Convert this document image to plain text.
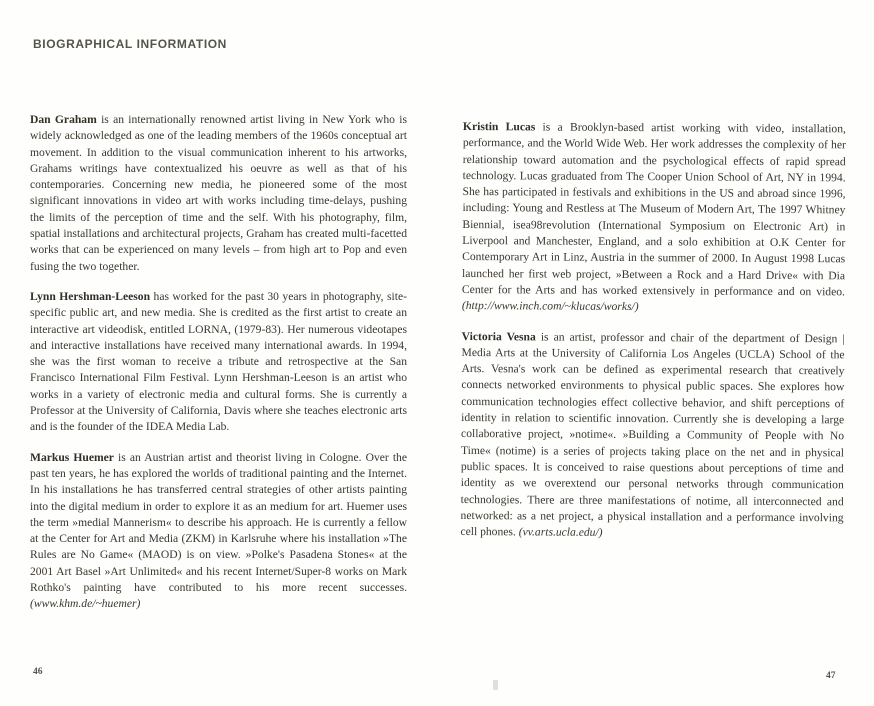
BIOGRAPHICAL INFORMATION

Dan Graham is an internationally renowned artist living in New York who is widely acknowledged as one of the leading members of the 1960s conceptual art movement. In addition to the visual communication inherent to his artworks, Grahams writings have contextualized his oeuvre as well as that of his contemporaries. Concerning new media, he pioneered some of the most significant innovations in video art with works including time-delays, pushing the limits of the perception of time and the self. With his photography, film, spatial installations and architectural projects, Graham has created multi-facetted works that can be experienced on many levels – from high art to Pop and even fusing the two together.

Lynn Hershman-Leeson has worked for the past 30 years in photography, site-specific public art, and new media. She is credited as the first artist to create an interactive art videodisk, entitled LORNA, (1979-83). Her numerous videotapes and interactive installations have received many international awards. In 1994, she was the first woman to receive a tribute and retrospective at the San Francisco International Film Festival. Lynn Hershman-Leeson is an artist who works in a variety of electronic media and cultural forms. She is currently a Professor at the University of California, Davis where she teaches electronic arts and is the founder of the IDEA Media Lab.

Markus Huemer is an Austrian artist and theorist living in Cologne. Over the past ten years, he has explored the worlds of traditional painting and the Internet. In his installations he has transferred central strategies of other artists painting into the digital medium in order to explore it as an medium for art. Huemer uses the term »medial Mannerism« to describe his approach. He is currently a fellow at the Center for Art and Media (ZKM) in Karlsruhe where his installation »The Rules are No Game« (MAOD) is on view. »Polke's Pasadena Stones« at the 2001 Art Basel »Art Unlimited« and his recent Internet/Super-8 works on Mark Rothko's painting have contributed to his more recent successes. (www.khm.de/~huemer)

Kristin Lucas is a Brooklyn-based artist working with video, installation, performance, and the World Wide Web. Her work addresses the complexity of her relationship toward automation and the psychological effects of rapid spread technology. Lucas graduated from The Cooper Union School of Art, NY in 1994. She has participated in festivals and exhibitions in the US and abroad since 1996, including: Young and Restless at The Museum of Modern Art, The 1997 Whitney Biennial, isea98revolution (International Symposium on Electronic Art) in Liverpool and Manchester, England, and a solo exhibition at O.K Center for Contemporary Art in Linz, Austria in the summer of 2000. In August 1998 Lucas launched her first web project, »Between a Rock and a Hard Drive« with Dia Center for the Arts and has worked extensively in performance and on video. (http://www.inch.com/~klucas/works/)

Victoria Vesna is an artist, professor and chair of the department of Design | Media Arts at the University of California Los Angeles (UCLA) School of the Arts. Vesna's work can be defined as experimental research that creatively connects networked environments to physical public spaces. She explores how communication technologies effect collective behavior, and shift perceptions of identity in relation to scientific innovation. Currently she is developing a large collaborative project, »notime«. »Building a Community of People with No Time« (notime) is a series of projects taking place on the net and in physical public spaces. It is conceived to raise questions about perceptions of time and identity as we overextend our personal networks through communication technologies. There are three manifestations of notime, all interconnected and networked: as a net project, a physical installation and a performance involving cell phones. (vv.arts.ucla.edu/)

46	47
